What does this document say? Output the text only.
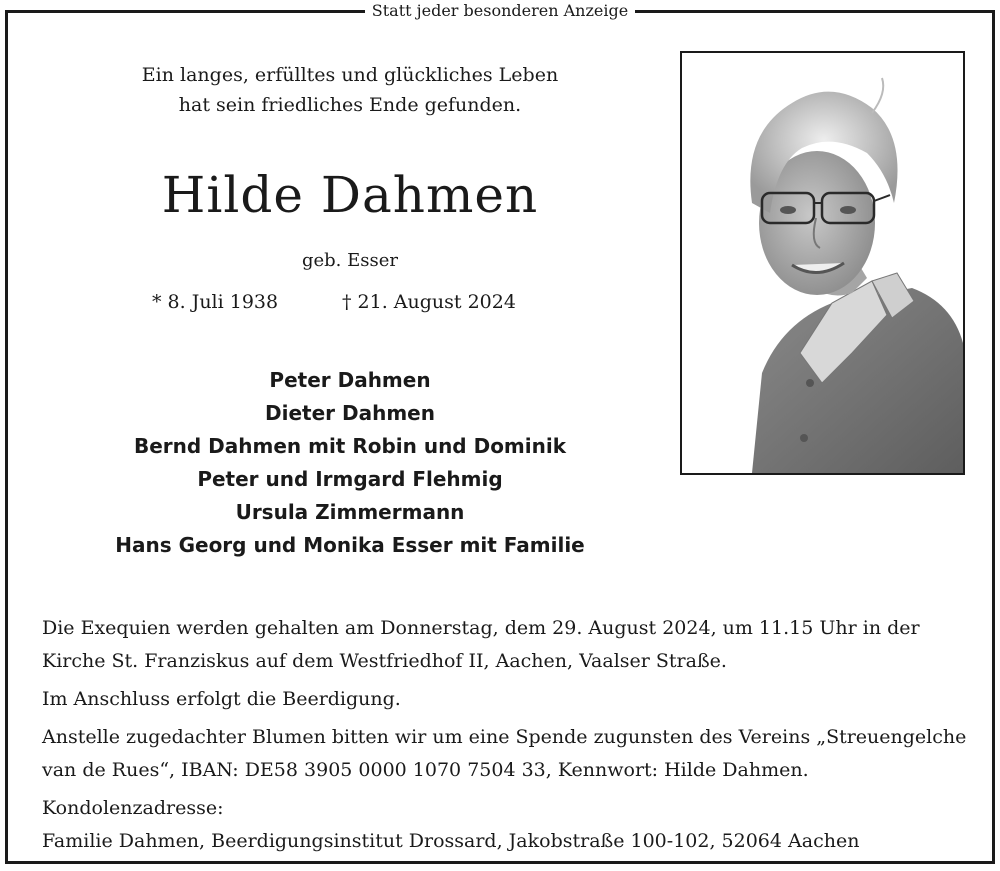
Statt jeder besonderen Anzeige
Ein langes, erfülltes und glückliches Leben
hat sein friedliches Ende gefunden.
Hilde Dahmen
geb. Esser
* 8. Juli 1938	† 21. August 2024
Peter Dahmen
Dieter Dahmen
Bernd Dahmen mit Robin und Dominik
Peter und Irmgard Flehmig
Ursula Zimmermann
Hans Georg und Monika Esser mit Familie

Die Exequien werden gehalten am Donnerstag, dem 29. August 2024, um 11.15 Uhr in der
Kirche St. Franziskus auf dem Westfriedhof II, Aachen, Vaalser Straße.

Im Anschluss erfolgt die Beerdigung.

Anstelle zugedachter Blumen bitten wir um eine Spende zugunsten des Vereins „Streuengelche
van de Rues“, IBAN: DE58 3905 0000 1070 7504 33, Kennwort: Hilde Dahmen.

Kondolenzadresse:
Familie Dahmen, Beerdigungsinstitut Drossard, Jakobstraße 100-102, 52064 Aachen
